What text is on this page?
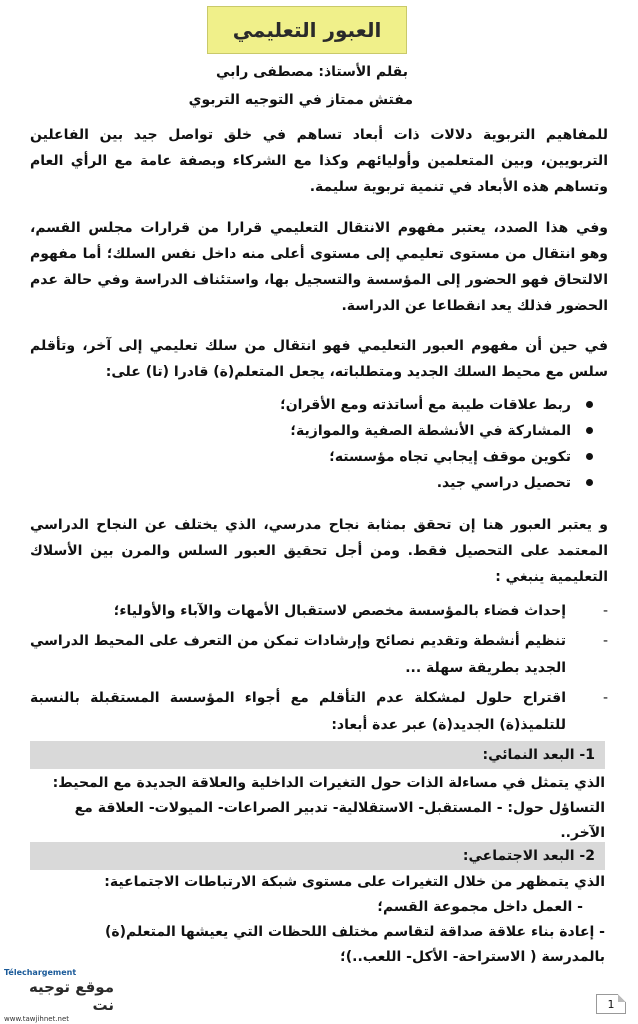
العبور التعليمي
بقلم الأستاذ: مصطفى رابي
مفتش ممتاز في التوجيه التربوي

للمفاهيم التربوية دلالات ذات أبعاد تساهم في خلق تواصل جيد بين الفاعلين التربويين، وبين المتعلمين وأوليائهم وكذا مع الشركاء وبصفة عامة مع الرأي العام وتساهم هذه الأبعاد في تنمية تربوية سليمة.

وفي هذا الصدد، يعتبر مفهوم الانتقال التعليمي قرارا من قرارات مجلس القسم، وهو انتقال من مستوى تعليمي إلى مستوى أعلى منه داخل نفس السلك؛ أما مفهوم الالتحاق فهو الحضور إلى المؤسسة والتسجيل بها، واستئناف الدراسة وفي حالة عدم الحضور فذلك يعد انقطاعا عن الدراسة.

في حين أن مفهوم العبور التعليمي فهو انتقال من سلك تعليمي إلى آخر، وتأقلم سلس مع محيط السلك الجديد ومتطلباته، يجعل المتعلم(ة) قادرا (تا) على:

ربط علاقات طيبة مع أساتذته ومع الأقران؛
المشاركة في الأنشطة الصفية والموازية؛
تكوين موقف إيجابي تجاه مؤسسته؛
تحصيل دراسي جيد.

و يعتبر العبور هنا إن تحقق بمثابة نجاح مدرسي، الذي يختلف عن النجاح الدراسي المعتمد على التحصيل فقط. ومن أجل تحقيق العبور السلس والمرن بين الأسلاك التعليمية ينبغي :

-
إحداث فضاء بالمؤسسة مخصص لاستقبال الأمهات والآباء والأولياء؛
-
تنظيم أنشطة وتقديم نصائح وإرشادات تمكن من التعرف على المحيط الدراسي الجديد بطريقة سهلة ...
-
اقتراح حلول لمشكلة عدم التأقلم مع أجواء المؤسسة المستقبلة بالنسبة للتلميذ(ة) الجديد(ة) عبر عدة أبعاد:
1- البعد النمائي:
الذي يتمثل في مساءلة الذات حول التغيرات الداخلية والعلاقة الجديدة مع المحيط:
التساؤل حول: - المستقبل- الاستقلالية- تدبير الصراعات- الميولات- العلاقة مع الآخر..
2- البعد الاجتماعي:
الذي يتمظهر من خلال التغيرات على مستوى شبكة الارتباطات الاجتماعية:
- العمل داخل مجموعة القسم؛
- إعادة بناء علاقة صداقة لتقاسم مختلف اللحظات التي يعيشها المتعلم(ة)
بالمدرسة ( الاستراحة- الأكل- اللعب..)؛
Télechargement
موقع توجيه نت
www.tawjihnet.net
1
